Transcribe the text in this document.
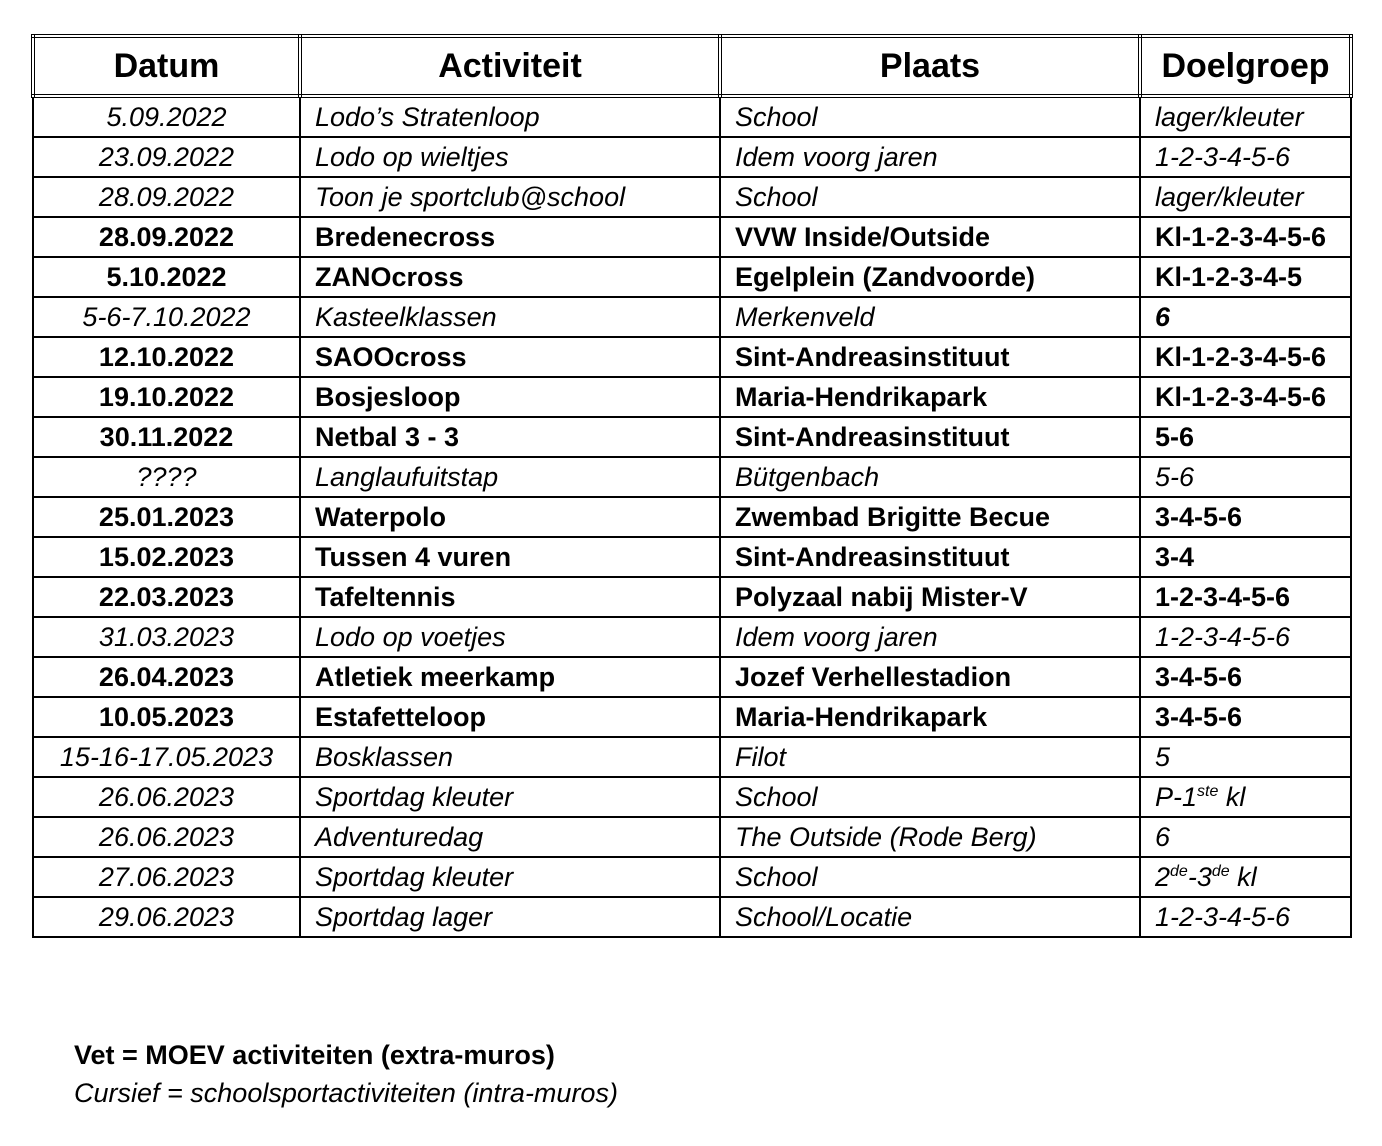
Datum	Activiteit	Plaats	Doelgroep
5.09.2022	Lodo’s Stratenloop	School	lager/kleuter
23.09.2022	Lodo op wieltjes	Idem voorg jaren	1-2-3-4-5-6
28.09.2022	Toon je sportclub@school	School	lager/kleuter
28.09.2022	Bredenecross	VVW Inside/Outside	Kl-1-2-3-4-5-6
5.10.2022	ZANOcross	Egelplein (Zandvoorde)	Kl-1-2-3-4-5
5-6-7.10.2022	Kasteelklassen	Merkenveld	6
12.10.2022	SAOOcross	Sint-Andreasinstituut	Kl-1-2-3-4-5-6
19.10.2022	Bosjesloop	Maria-Hendrikapark	Kl-1-2-3-4-5-6
30.11.2022	Netbal 3 - 3	Sint-Andreasinstituut	5-6
????	Langlaufuitstap	Bütgenbach	5-6
25.01.2023	Waterpolo	Zwembad Brigitte Becue	3-4-5-6
15.02.2023	Tussen 4 vuren	Sint-Andreasinstituut	3-4
22.03.2023	Tafeltennis	Polyzaal nabij Mister-V	1-2-3-4-5-6
31.03.2023	Lodo op voetjes	Idem voorg jaren	1-2-3-4-5-6
26.04.2023	Atletiek meerkamp	Jozef Verhellestadion	3-4-5-6
10.05.2023	Estafetteloop	Maria-Hendrikapark	3-4-5-6
15-16-17.05.2023	Bosklassen	Filot	5
26.06.2023	Sportdag kleuter	School	P-1ste kl
26.06.2023	Adventuredag	The Outside (Rode Berg)	6
27.06.2023	Sportdag kleuter	School	2de-3de kl
29.06.2023	Sportdag lager	School/Locatie	1-2-3-4-5-6
Vet = MOEV activiteiten (extra-muros)
Cursief = schoolsportactiviteiten (intra-muros)
